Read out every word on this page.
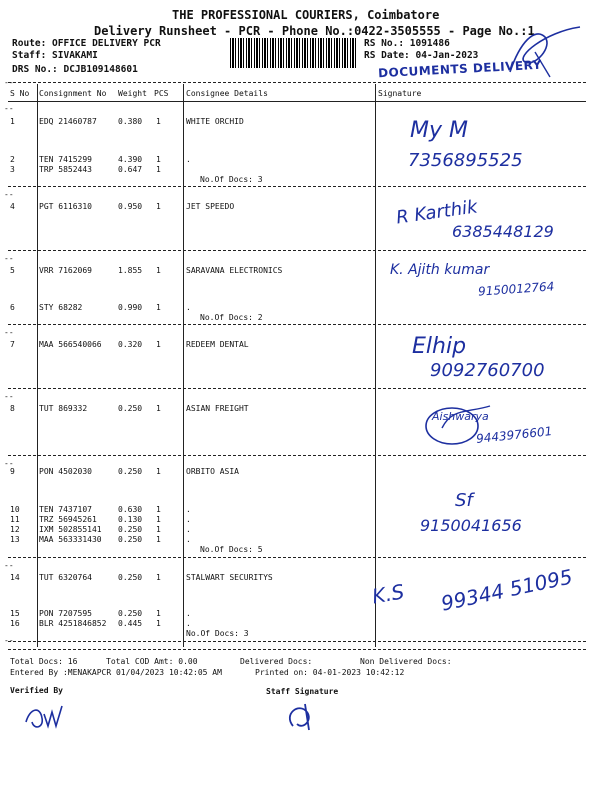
THE PROFESSIONAL COURIERS, Coimbatore
Delivery Runsheet - PCR - Phone No.:0422-3505555 - Page No.:1
Route: OFFICE DELIVERY PCR
Staff: SIVAKAMI
DRS No.: DCJB109148601
RS No.: 1091486
RS Date: 04-Jan-2023
DOCUMENTS DELIVERY
--
S No Consignment No Weight PCS Consignee Details	Signature
--
1	EDQ 21460787	0.380 1	WHITE ORCHID
2	TEN 7415299	4.390 1	.
3	TRP 5852443	0.647 1
No.Of Docs: 3
My M
7356895525
--
4	PGT 6116310	0.950 1	JET SPEEDO	R Karthik
6385448129
--
5	VRR 7162069	1.855 1	SARAVANA ELECTRONICS
6	STY 68282	0.990 1	.
No.Of Docs: 2
K. Ajith kumar
9150012764
--
7	MAA 566540066 0.320 1	REDEEM DENTAL	Elhip
9092760700
--
8	TUT 869332	0.250 1	ASIAN FREIGHT
Aishwarya
9443976601
--
9	PON 4502030	0.250 1	ORBITO ASIA
10 TEN 7437107	0.630 1	.
11 TRZ 56945261	0.130 1	.
12 IXM 502855141 0.250 1	.
13 MAA 563331430 0.250 1	.
No.Of Docs: 5
Sf
9150041656
--
14 TUT 6320764	0.250 1	STALWART SECURITYS
15 PON 7207595	0.250 1	.
16 BLR 4251846852 0.445 1	.
No.Of Docs: 3
K.S 99344 51095
--
Total Docs: 16	Total COD Amt: 0.00	Delivered Docs:	Non Delivered Docs:
Entered By :MENAKAPCR 01/04/2023 10:42:05 AM	Printed on: 04-01-2023 10:42:12
Verified By	Staff Signature
